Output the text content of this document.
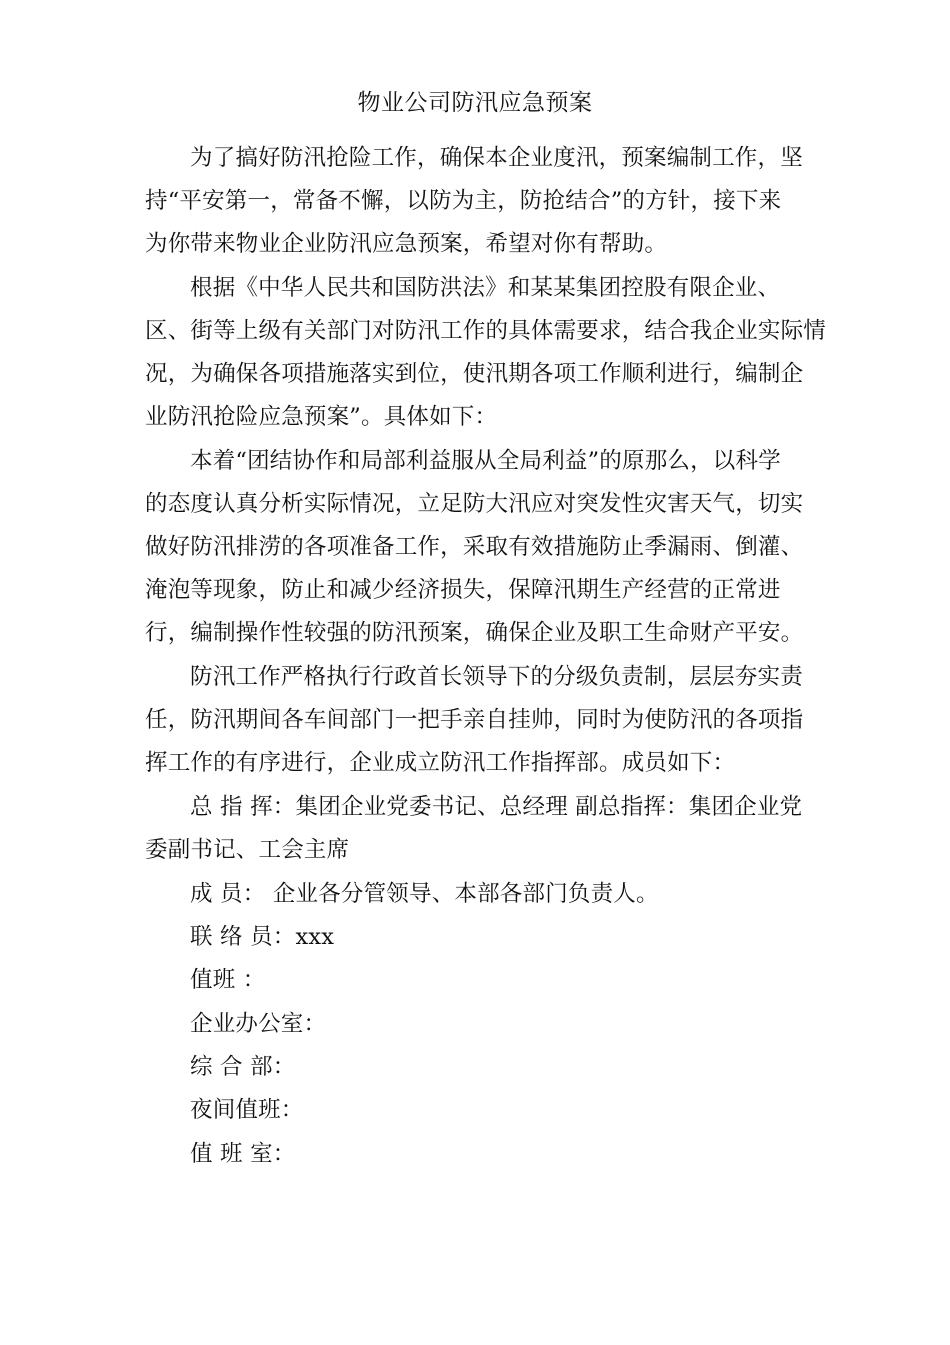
物业公司防汛应急预案
为了搞好防汛抢险工作，确保本企业度汛，预案编制工作，坚
持“平安第一，常备不懈，以防为主，防抢结合”的方针，接下来
为你带来物业企业防汛应急预案，希望对你有帮助。
根据《中华人民共和国防洪法》和某某集团控股有限企业、
区、街等上级有关部门对防汛工作的具体需要求，结合我企业实际情
况，为确保各项措施落实到位，使汛期各项工作顺利进行，编制企
业防汛抢险应急预案”。具体如下：
本着“团结协作和局部利益服从全局利益”的原那么，以科学
的态度认真分析实际情况，立足防大汛应对突发性灾害天气，切实
做好防汛排涝的各项准备工作，采取有效措施防止季漏雨、倒灌、
淹泡等现象，防止和减少经济损失，保障汛期生产经营的正常进
行，编制操作性较强的防汛预案，确保企业及职工生命财产平安。
防汛工作严格执行行政首长领导下的分级负责制，层层夯实责
任，防汛期间各车间部门一把手亲自挂帅，同时为使防汛的各项指
挥工作的有序进行，企业成立防汛工作指挥部。成员如下：
总 指 挥：集团企业党委书记、总经理 副总指挥：集团企业党
委副书记、工会主席
成 员： 企业各分管领导、本部各部门负责人。
联 络 员：xxx
值班 ：
企业办公室：
综 合 部：
夜间值班：
值 班 室：
